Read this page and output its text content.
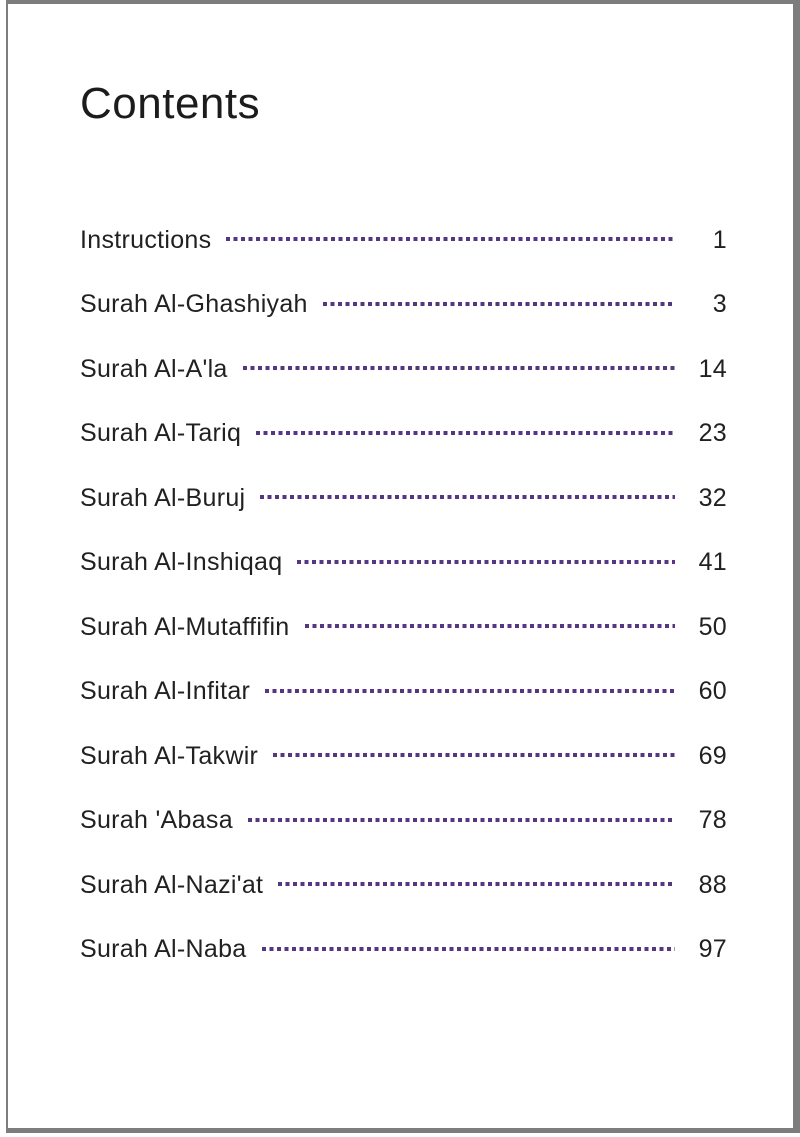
Contents
Instructions	1
Surah Al-Ghashiyah	3
Surah Al-A'la	14
Surah Al-Tariq	23
Surah Al-Buruj	32
Surah Al-Inshiqaq	41
Surah Al-Mutaffifin	50
Surah Al-Infitar	60
Surah Al-Takwir	69
Surah 'Abasa	78
Surah Al-Nazi'at	88
Surah Al-Naba	97
